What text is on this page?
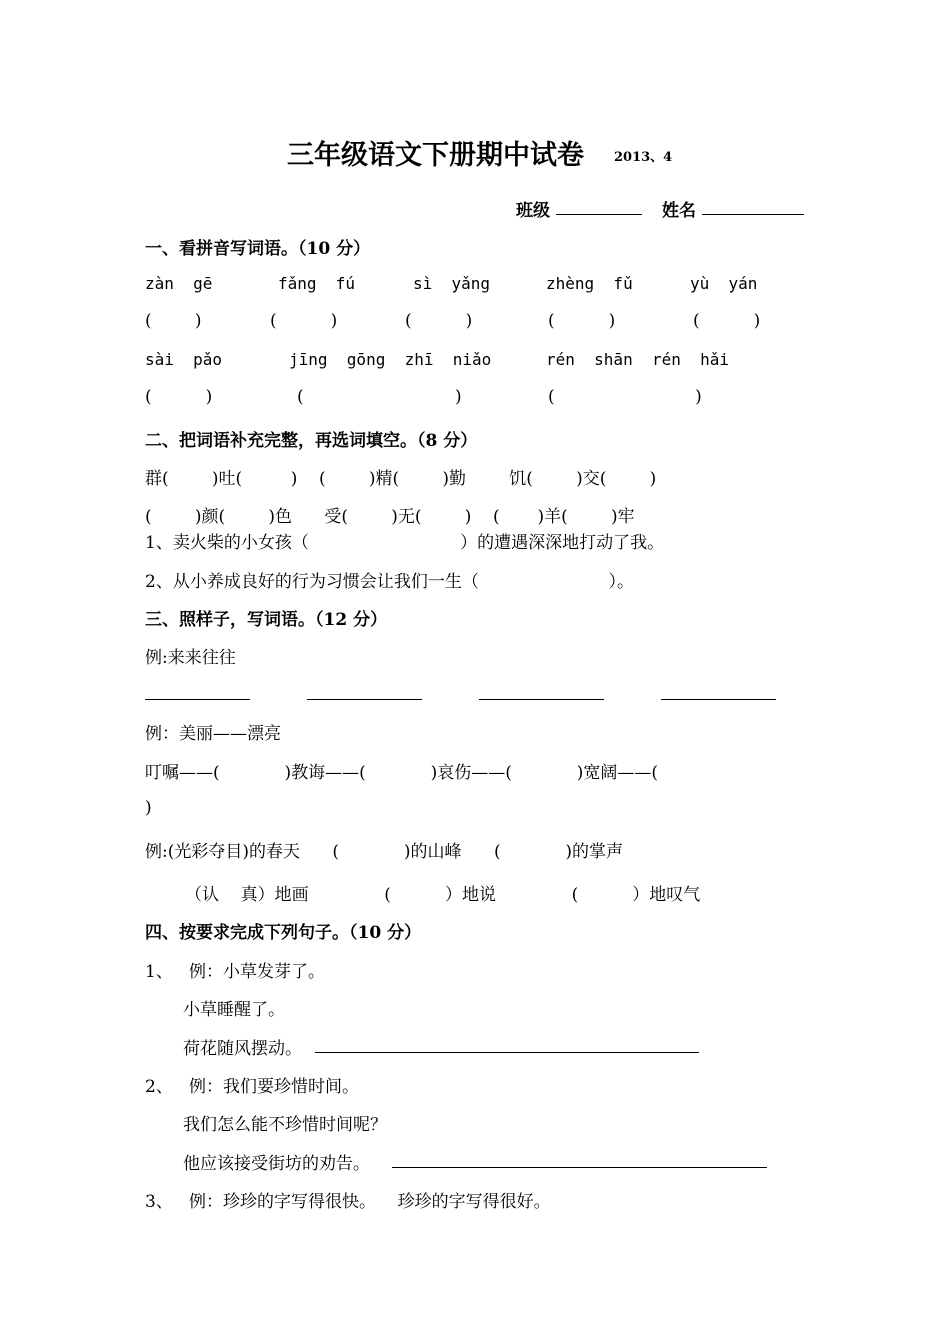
三年级语文下册期中试卷 2013、4
班级	姓名
一、看拼音写词语。（10 分）
zàn  gē	fǎng  fú	sì  yǎng	zhèng  fǔ	yù  yán
(        )	(          )	(          )	(          )	(          )
sài  pǎo	jīng  gōng  zhī  niǎo	rén  shān  rén  hǎi
(          )	(                            )	(                          )
二、把词语补充完整，再选词填空。（8 分）
群(        )吐(         )    (        )精(        )勤        饥(        )交(        )
(        )颜(        )色      受(        )无(        )    (       )羊(        )牢
1、卖火柴的小女孩（                            ）的遭遇深深地打动了我。
2、从小养成良好的行为习惯会让我们一生（                        ）。
三、照样子，写词语。（12 分）
例:来来往往
例：美丽——漂亮
叮嘱——(            )教诲——(            )哀伤——(            )宽阔——(
)
例:(光彩夺目)的春天      (            )的山峰      (            )的掌声
（认    真）地画              (          ）地说              (          ）地叹气
四、按要求完成下列句子。（10 分）
1、   例：小草发芽了。
小草睡醒了。
荷花随风摆动。
2、   例：我们要珍惜时间。
我们怎么能不珍惜时间呢？
他应该接受街坊的劝告。
3、   例：珍珍的字写得很快。    珍珍的字写得很好。
